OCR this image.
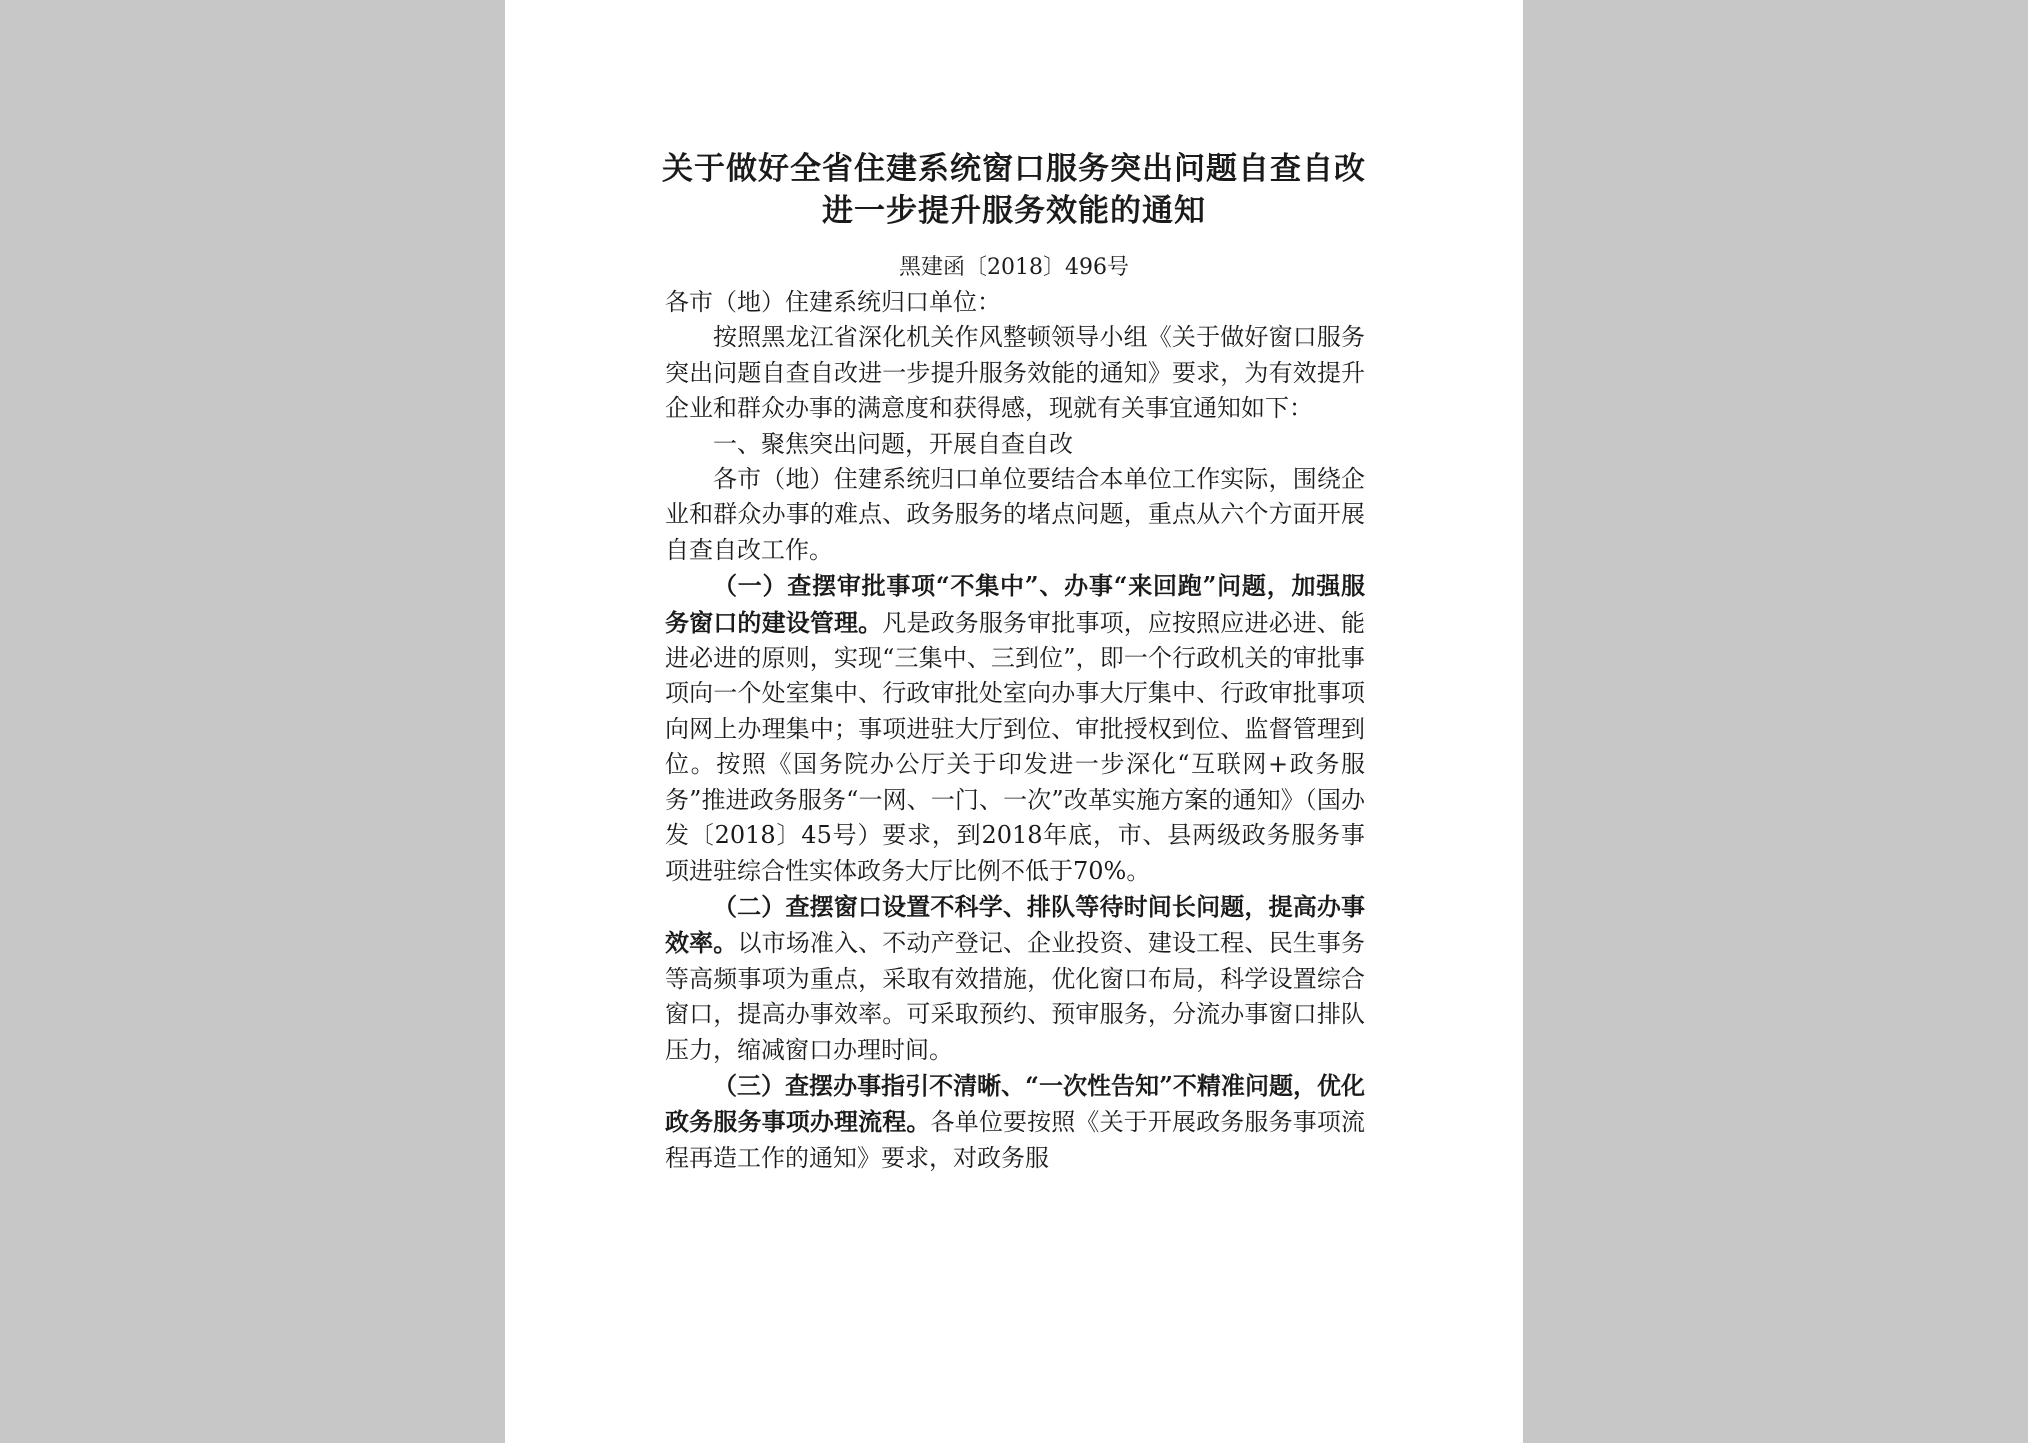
关于做好全省住建系统窗口服务突出问题自查自改
进一步提升服务效能的通知
黑建函〔2018〕496号

各市（地）住建系统归口单位：

按照黑龙江省深化机关作风整顿领导小组《关于做好窗口服务突出问题自查自改进一步提升服务效能的通知》要求，为有效提升企业和群众办事的满意度和获得感，现就有关事宜通知如下：

一、聚焦突出问题，开展自查自改

各市（地）住建系统归口单位要结合本单位工作实际，围绕企业和群众办事的难点、政务服务的堵点问题，重点从六个方面开展自查自改工作。

（一）查摆审批事项“不集中”、办事“来回跑”问题，加强服务窗口的建设管理。凡是政务服务审批事项，应按照应进必进、能进必进的原则，实现“三集中、三到位”，即一个行政机关的审批事项向一个处室集中、行政审批处室向办事大厅集中、行政审批事项向网上办理集中；事项进驻大厅到位、审批授权到位、监督管理到位。按照《国务院办公厅关于印发进一步深化“互联网+政务服务”推进政务服务“一网、一门、一次”改革实施方案的通知》（国办发〔2018〕45号）要求，到2018年底，市、县两级政务服务事项进驻综合性实体政务大厅比例不低于70%。

（二）查摆窗口设置不科学、排队等待时间长问题，提高办事效率。以市场准入、不动产登记、企业投资、建设工程、民生事务等高频事项为重点，采取有效措施，优化窗口布局，科学设置综合窗口，提高办事效率。可采取预约、预审服务，分流办事窗口排队压力，缩减窗口办理时间。

（三）查摆办事指引不清晰、“一次性告知”不精准问题，优化政务服务事项办理流程。各单位要按照《关于开展政务服务事项流程再造工作的通知》要求，对政务服
